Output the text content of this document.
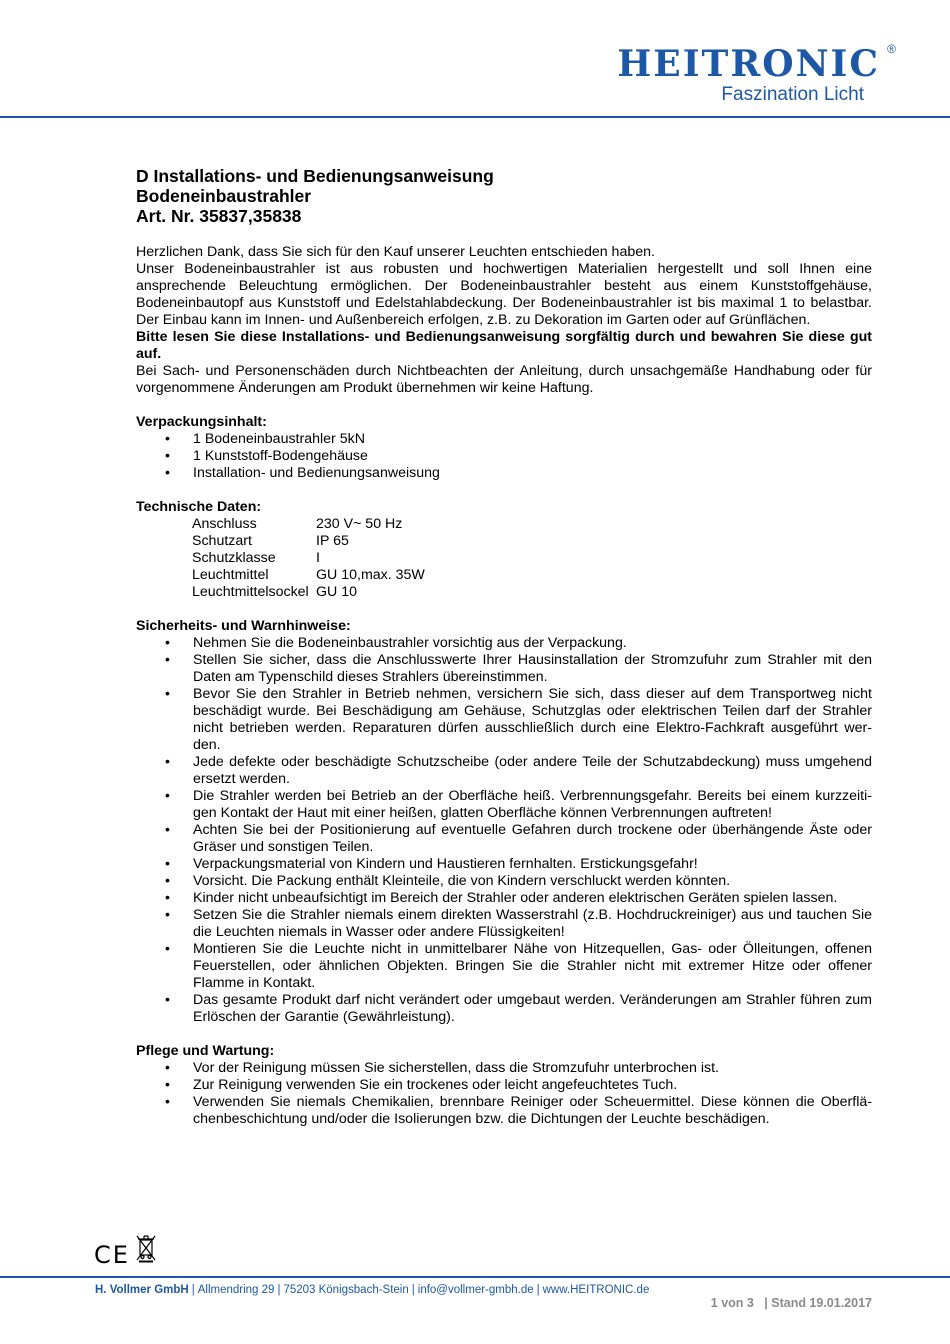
HEITRONIC ®
Faszination Licht

D Installations- und Bedienungsanweisung

Bodeneinbaustrahler

Art. Nr. 35837,35838

Herzlichen Dank, dass Sie sich für den Kauf unserer Leuchten entschieden haben.

Unser Bodeneinbaustrahler ist aus robusten und hochwertigen Materialien hergestellt und soll Ihnen eine ansprechende Beleuchtung ermöglichen. Der Bodeneinbaustrahler besteht aus einem Kunststoffgehäuse, Bodeneinbautopf aus Kunststoff und Edelstahlabdeckung. Der Bodeneinbaustrahler ist bis maximal 1 to belastbar. Der Einbau kann im Innen- und Außenbereich erfolgen, z.B. zu Dekoration im Garten oder auf Grünflächen.

Bitte lesen Sie diese Installations- und Bedienungsanweisung sorgfältig durch und bewahren Sie diese gut auf.

Bei Sach- und Personenschäden durch Nichtbeachten der Anleitung, durch unsachgemäße Handhabung oder für vorgenommene Änderungen am Produkt übernehmen wir keine Haftung.

Verpackungsinhalt:
• 1 Bodeneinbaustrahler 5kN
• 1 Kunststoff-Bodengehäuse
• Installation- und Bedienungsanweisung
Technische Daten:
Anschluss	230 V~ 50 Hz
Schutzart	IP 65
Schutzklasse	I
Leuchtmittel	GU 10,max. 35W
Leuchtmittelsockel GU 10
Sicherheits- und Warnhinweise:
• Nehmen Sie die Bodeneinbaustrahler vorsichtig aus der Verpackung.
• Stellen Sie sicher, dass die Anschlusswerte Ihrer Hausinstallation der Stromzufuhr zum Strahler mit den Daten am Typenschild dieses Strahlers übereinstimmen.
• Bevor Sie den Strahler in Betrieb nehmen, versichern Sie sich, dass dieser auf dem Transportweg nicht beschädigt wurde. Bei Beschädigung am Gehäuse, Schutzglas oder elektrischen Teilen darf der Strahler nicht betrieben werden. Reparaturen dürfen ausschließlich durch eine Elektro-Fachkraft ausgeführt wer-den.
• Jede defekte oder beschädigte Schutzscheibe (oder andere Teile der Schutzabdeckung) muss umgehend ersetzt werden.
• Die Strahler werden bei Betrieb an der Oberfläche heiß. Verbrennungsgefahr. Bereits bei einem kurzzeiti-gen Kontakt der Haut mit einer heißen, glatten Oberfläche können Verbrennungen auftreten!
• Achten Sie bei der Positionierung auf eventuelle Gefahren durch trockene oder überhängende Äste oder Gräser und sonstigen Teilen.
• Verpackungsmaterial von Kindern und Haustieren fernhalten. Erstickungsgefahr!
• Vorsicht. Die Packung enthält Kleinteile, die von Kindern verschluckt werden könnten.
• Kinder nicht unbeaufsichtigt im Bereich der Strahler oder anderen elektrischen Geräten spielen lassen.
• Setzen Sie die Strahler niemals einem direkten Wasserstrahl (z.B. Hochdruckreiniger) aus und tauchen Sie die Leuchten niemals in Wasser oder andere Flüssigkeiten!
• Montieren Sie die Leuchte nicht in unmittelbarer Nähe von Hitzequellen, Gas- oder Ölleitungen, offenen Feuerstellen, oder ähnlichen Objekten. Bringen Sie die Strahler nicht mit extremer Hitze oder offener Flamme in Kontakt.
• Das gesamte Produkt darf nicht verändert oder umgebaut werden. Veränderungen am Strahler führen zum Erlöschen der Garantie (Gewährleistung).
Pflege und Wartung:
• Vor der Reinigung müssen Sie sicherstellen, dass die Stromzufuhr unterbrochen ist.
• Zur Reinigung verwenden Sie ein trockenes oder leicht angefeuchtetes Tuch.
• Verwenden Sie niemals Chemikalien, brennbare Reiniger oder Scheuermittel. Diese können die Oberflä-chenbeschichtung und/oder die Isolierungen bzw. die Dichtungen der Leuchte beschädigen.
CE
H. Vollmer GmbH | Allmendring 29 | 75203 Königsbach-Stein | info@vollmer-gmbh.de | www.HEITRONIC.de
1 von 3 | Stand 19.01.2017
